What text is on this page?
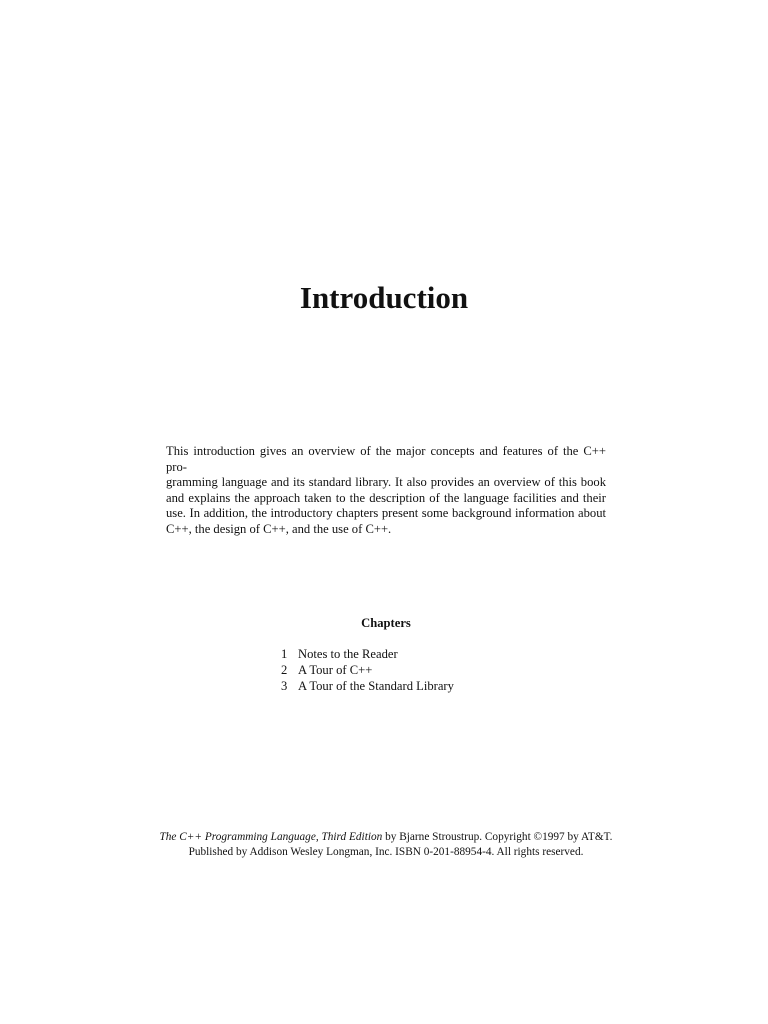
Introduction

This introduction gives an overview of the major concepts and features of the C++ pro-
gramming language and its standard library. It also provides an overview of this book
and explains the approach taken to the description of the language facilities and their
use. In addition, the introductory chapters present some background information about
C++, the design of C++, and the use of C++.

Chapters
1 Notes to the Reader
2 A Tour of C++
3 A Tour of the Standard Library

The C++ Programming Language, Third Edition by Bjarne Stroustrup. Copyright ©1997 by AT&T.
Published by Addison Wesley Longman, Inc. ISBN 0-201-88954-4. All rights reserved.
